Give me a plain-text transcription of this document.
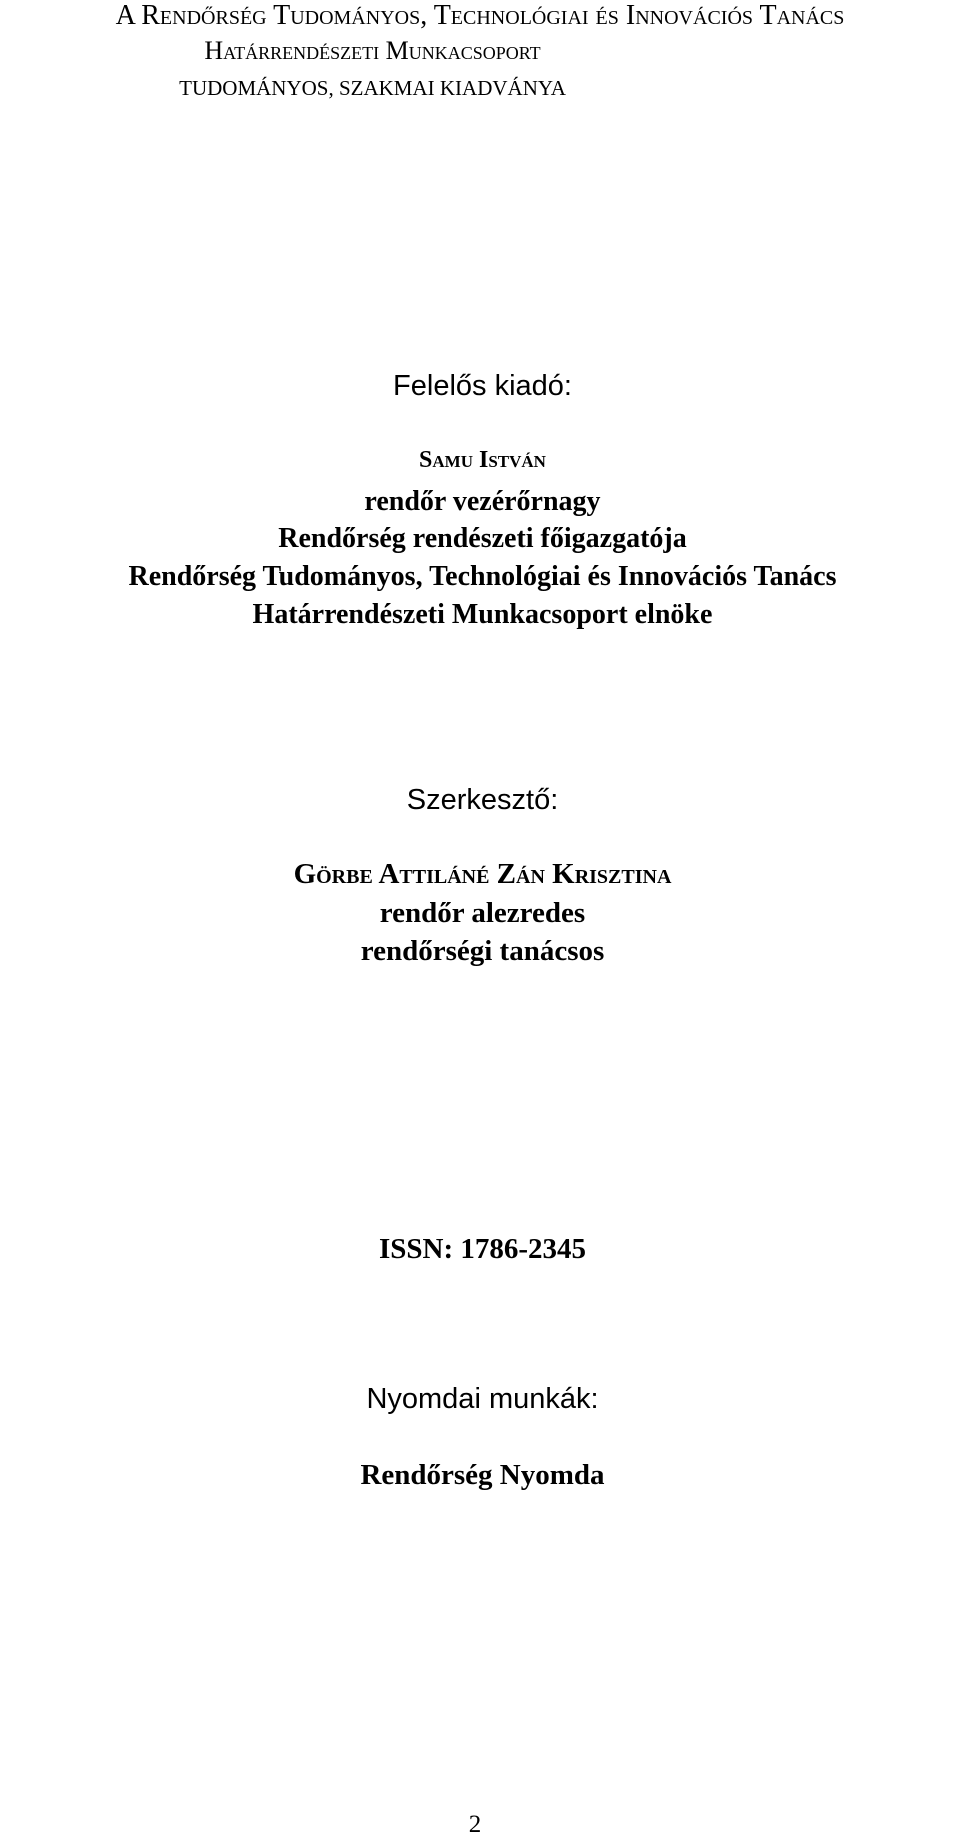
A Rendőrség Tudományos, Technológiai és Innovációs Tanács
Határrendészeti Munkacsoport
TUDOMÁNYOS, SZAKMAI KIADVÁNYA
Felelős kiadó:
Samu István
rendőr vezérőrnagy
Rendőrség rendészeti főigazgatója
Rendőrség Tudományos, Technológiai és Innovációs Tanács
Határrendészeti Munkacsoport elnöke
Szerkesztő:
Görbe Attiláné Zán Krisztina
rendőr alezredes
rendőrségi tanácsos
ISSN: 1786-2345
Nyomdai munkák:
Rendőrség Nyomda
2
